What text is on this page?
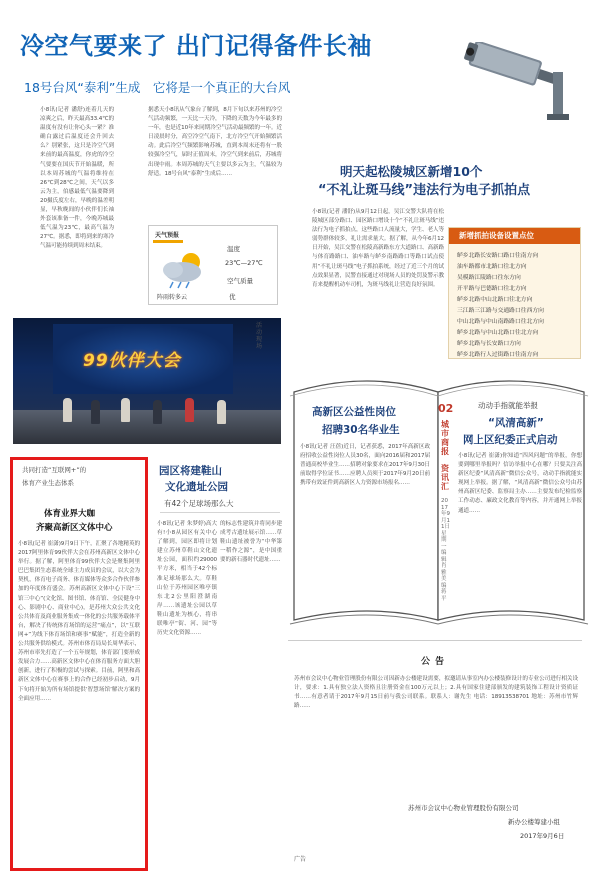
冷空气要来了 出门记得备件长袖
18号台风“泰利”生成　它将是一个真正的大台风
小8讯(记者 潘舒)连着几天的凉爽之后，昨天最高33.4℃的温度有没有让你心头一紧？准确白露过后温度还会升回去么？别紧张，这只是冷空气到来前的最高温度，你虎的冷空气要要在国庆节开始温暖，所以本周苏城的气温将维持在26℃到28℃之间，天气以多云为主，伯感最低气温要降到20摄氏度左右，早晚的温差明显，早秋晚间的小伙伴们长袖外套该准备一件，今晚苏城最低气温为23℃，最高气温为27℃。据悉，即将到来的寒冷气温可能持续到周末结束。
据悉天小8讯从气象台了解到，8月下旬以来苏州的冷空气活动频繁，一天比一天冷，下降的天数为今年最多的一年，也是近10年来同期冷空气活动最频繁的一年。近日凌晨时分，高空冷空气南下，北方冷空气开始频繁活动。此后冷空气频繁影响苏城，直到本周末还将有一股较强冷空气，届时正值周末，冷空气到来前后，苏城将出现中雨。本周苏城的天气主要以多云为主，气温较为舒适。18号台风“泰利”生成后……
天气预报
阵雨转多云
温度
23℃—27℃
空气质量
优
99伙伴大会
活动现场
明天起松陵城区新增10个
“不礼让斑马线”违法行为电子抓拍点
小8讯(记者 潘舒)从9月12日起，吴江交警大队将在松陵城区部分路口、园区路口增设十个“不礼让斑马线”违法行为电子抓拍点，这些路口人流量大，学生、老人等弱势群体较多，礼让需求量大。据了解，从今年6月12日开始，吴江交警在松陵高新路东方大道路口、高新路与体育路路口、油车路与鲈乡南路路口等路口试点使用“不礼让斑马线”电子抓拍系统，经过了近三个月的试点效果显著，民警直接通过对现场人员的处罚及警示教育来提醒机动车司机，为斑马线礼让营造良好氛围。
新增抓拍设备设置点位
鲈乡北路长安路口路口往南方向
油车路都市北路口往北方向
吴模路江陵路口往东方向
开平路与巴德路口往北方向
鲈乡北路中山北路口往北方向
三江路三江路与交通路口往西方向
中山北路与中山南路路口往北方向
鲈乡北路与中山北路口往北方向
鲈乡北路与长安路口方向
鲈乡北路行人过街路口往南方向
高新区公益性岗位
招聘30名华业生
小8讯(记者 汪蓓)近日，记者获悉，2017年高新区政府招收公益性岗位人员30名，面向2016届和2017届普通高校毕业生……招聘对象要求在2017年9月30日前取得学位证书……应聘人员须于2017年9月20日前携带有效证件到高新区人力资源市场报名……
02
城市商报
资讯汇
2017年9月11日 星期一 编辑 肖雅 美编 蒋平
动动手指就能举报
“风清高新”
网上区纪委正式启动
小8讯(记者 崔潇)你知道“四风问题”的举报，你想要到哪里举报吗？信访举报中心在哪？只要关注高新区纪委“风清高新”微信公众号，动动手指就能实现网上举报。据了解，“风清高新”微信公众号由苏州高新区纪委、监察局主办……主要发布纪检监察工作动态、廉政文化教育等内容，并开通网上举报通道……
公告
苏州市会议中心物业管理股份有限公司因新办公楼建设需要，拟邀请从事室内办公楼装修设计的专业公司进行相关设计，要求：1.具有独立法人资格且注册资金在100万元以上；2.具有国家住建部颁发的建筑装饰工程设计资质证书……有意者请于2017年9月15日前与我公司联系。联系人：谢先生 电话：18913538701 地址：苏州市竹辉路……
苏州市会议中心物业管理股份有限公司
新办公楼筹建小组
2017年9月6日
广告
共同打造“互联网+”的
体育产业生态体系
体育业界大咖
齐聚高新区文体中心
小8讯(记者 崔潇)9月9日下午，汇聚了各地精英的2017阿里体育99伙伴大会在苏州高新区文体中心举行。据了解，阿里体育99伙伴大会是聚集阿里巴巴集团生态系统全球主力成员的会议，以大会为契机，体育电子商务、体育媒体等众多合作伙伴参加的年度体育盛会。苏州高新区文体中心下设“三馆三中心”(文化馆、图书馆、体育馆、全民健身中心、影剧中心、商业中心)，是苏州大众公共文化公共体育及商业服务集成一体化的公共服务载体平台，解决了传统体育场馆的运营“痛点”，以“互联网+”为线下体育场馆和赛事“赋能”，打造全新的公共服务供给模式。苏州市体育局局长周华表示，苏州市率先打造了一个五年规划，体育部门要形成发展合力……高新区文体中心在体育服务方面大胆创新，进行了积极的尝试与探索。目前，阿里和高新区文体中心在赛事上的合作已经初步启动，9月下旬将开始为所有场馆提供‘智慧场馆’解决方案的全面应用……
园区将建鞋山
文化遗址公园
有42个足球场那么大
小8讯(记者 朱梦婷)高大有!小8从园区有关中心了解到，园区即将计划建立苏州草鞋山文化遗址公园，面积约29000平方米，相当于42个标准足球场那么大。草鞋山位于苏州园区唯亭镇东北2公里阳澄湖南岸……该遗址公园以草鞋山遗址为核心，将串联唯亭“街、河、园”等历史文化资源……
的标志性建筑并将同步建成考古遗址展示馆……草鞋山遗址被誉为“中华第一稻作之源”，是中国重要的新石器时代遗址……
